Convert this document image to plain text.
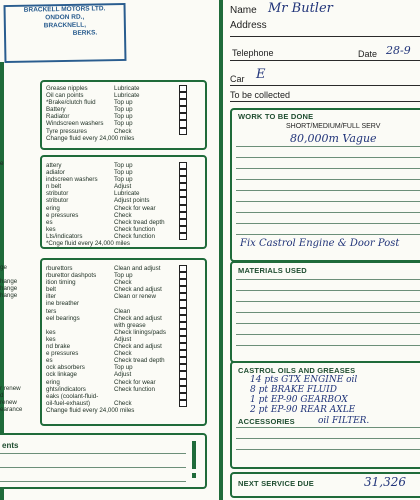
BRACKELL MOTORS LTD.
ONDON RD.,
BRACKNELL,
BERKS.
Grease nipples	Lubricate
Oil can points	Lubricate
*Brake/clutch fluid	Top up
Battery	Top up
Radiator	Top up
Windscreen washers	Top up
Tyre pressures	Check
Change fluid every 24,000 miles
attery	Top up
adiator	Top up
indscreen washers	Top up
n belt	Adjust
stributor	Lubricate
stributor	Adjust points
ering	Check for wear
e pressures	Check
es	Check tread depth
kes	Check function
Lts/indicators	Check function
*Cnge fluid every 24,000 miles
e
rburettors	Clean and adjust
rburettor dashpots	Top up
ition timing	Check
belt	Check and adjust
ilter	Clean or renew
ine breather
ters	Clean
eel bearings	Check and adjust
with grease
kes	Check linings/pads
kes	Adjust
nd brake	Check and adjust
e pressures	Check
es	Check tread depth
ock absorbers	Top up
ock linkage	Adjust
ering	Check for wear
ghts/indicators	Check function
eaks (coolant-fluid-
oil-fuel-exhaust)	Check
Change fluid every 24,000 miles
ge
hange
hange
hange
r renew
d
renew
earance
ents
Name Mr Butler
Address
Telephone	Date 28-9
Car E
To be collected
WORK TO BE DONE
SHORT/MEDIUM/FULL SERV
80,000m Vague
Fix Castrol Engine & Door Post
MATERIALS USED
CASTROL OILS AND GREASES
14 pts GTX ENGINE oil
8 pt BRAKE FLUID
1 pt EP-90 GEARBOX
2 pt EP-90 REAR AXLE
ACCESSORIES	oil FILTER.
NEXT SERVICE DUE	31,326
